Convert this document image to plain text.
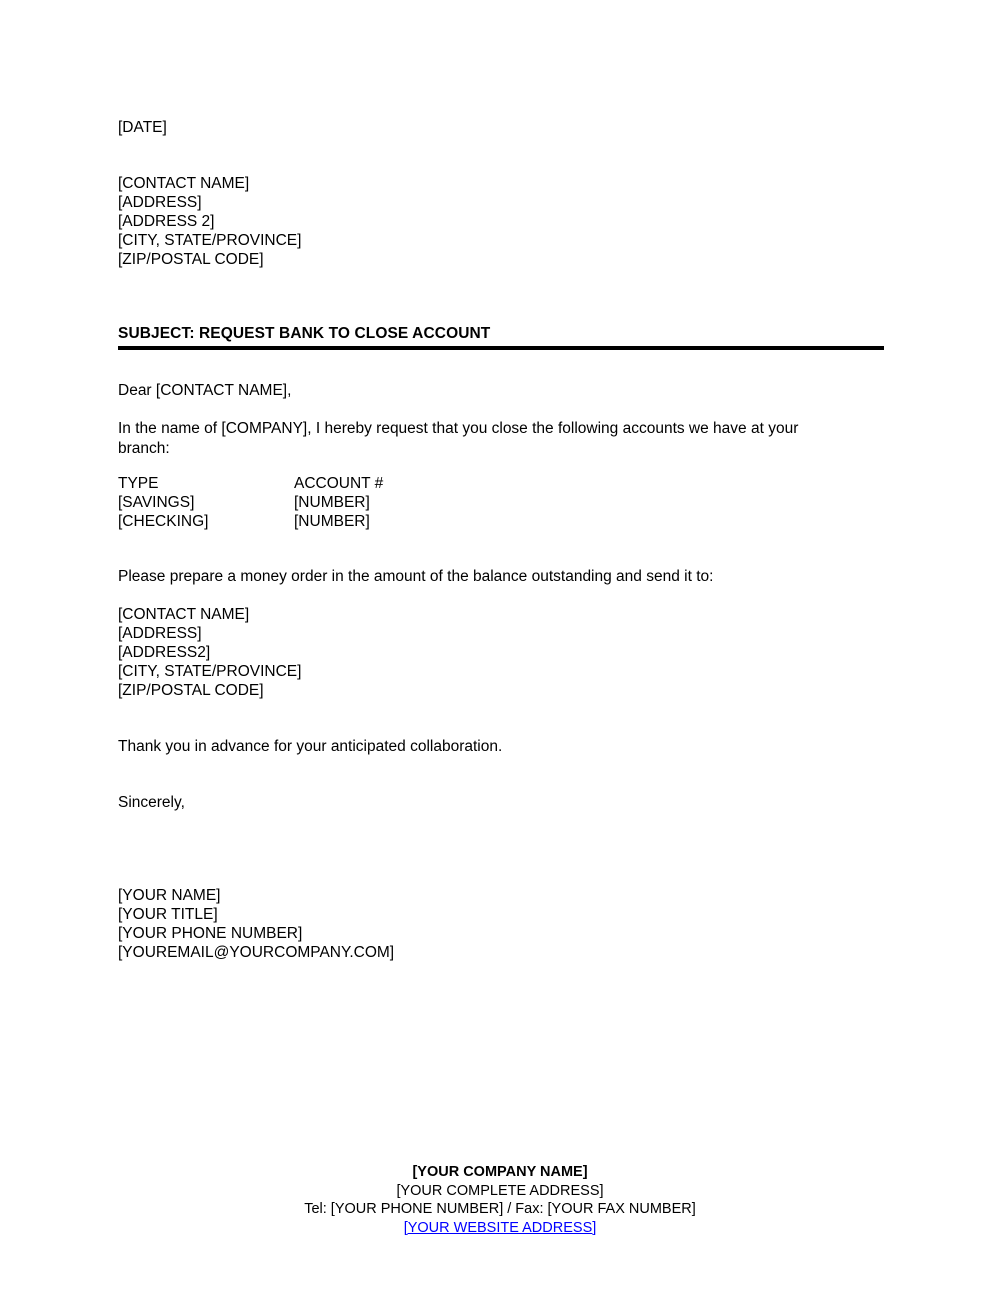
[DATE]
[CONTACT NAME]
[ADDRESS]
[ADDRESS 2]
[CITY, STATE/PROVINCE]
[ZIP/POSTAL CODE]
SUBJECT: REQUEST BANK TO CLOSE ACCOUNT
Dear [CONTACT NAME],
In the name of [COMPANY], I hereby request that you close the following accounts we have at your branch:
TYPE	ACCOUNT #
[SAVINGS]	[NUMBER]
[CHECKING]	[NUMBER]
Please prepare a money order in the amount of the balance outstanding and send it to:
[CONTACT NAME]
[ADDRESS]
[ADDRESS2]
[CITY, STATE/PROVINCE]
[ZIP/POSTAL CODE]
Thank you in advance for your anticipated collaboration.
Sincerely,
[YOUR NAME]
[YOUR TITLE]
[YOUR PHONE NUMBER]
[YOUREMAIL@YOURCOMPANY.COM]
[YOUR COMPANY NAME]
[YOUR COMPLETE ADDRESS]
Tel: [YOUR PHONE NUMBER] / Fax: [YOUR FAX NUMBER]
[YOUR WEBSITE ADDRESS]
